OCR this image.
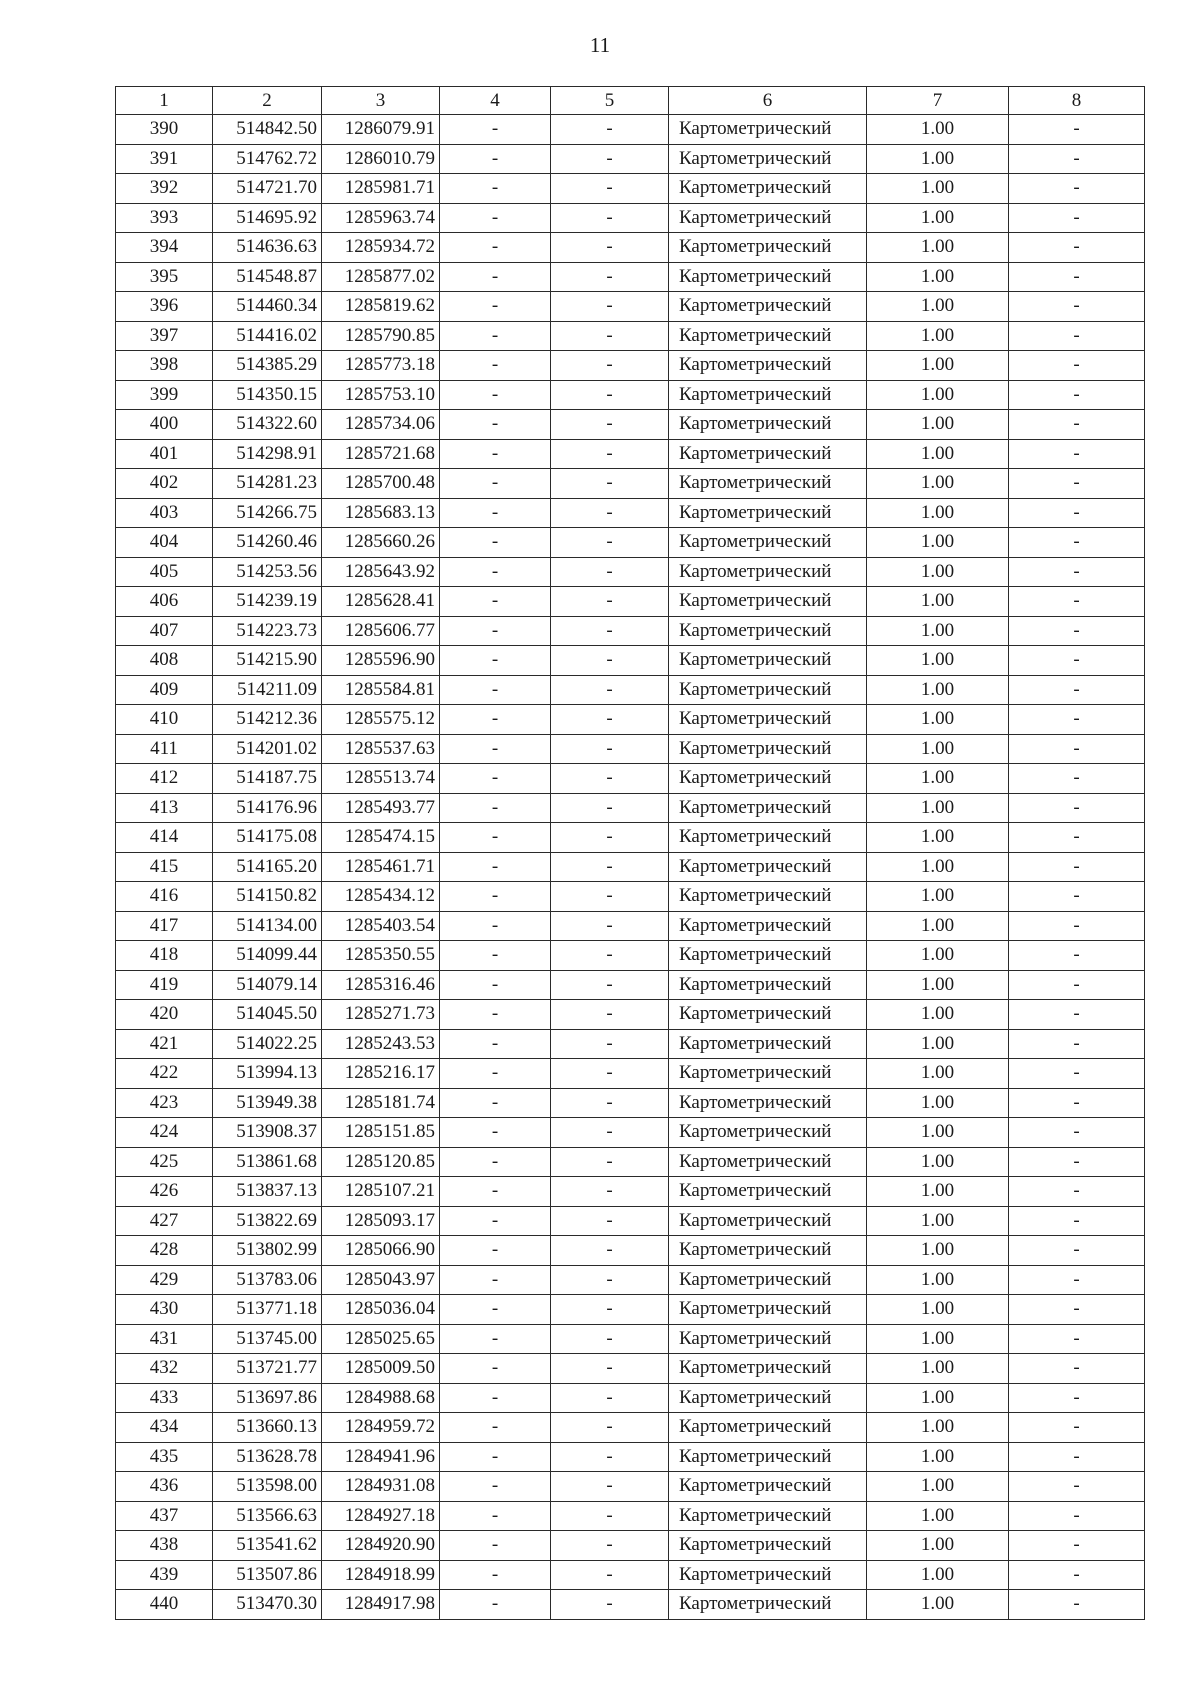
11
1	2	3	4	5	6	7	8
390	514842.50	1286079.91	-	-	Картометрический	1.00	-
391	514762.72	1286010.79	-	-	Картометрический	1.00	-
392	514721.70	1285981.71	-	-	Картометрический	1.00	-
393	514695.92	1285963.74	-	-	Картометрический	1.00	-
394	514636.63	1285934.72	-	-	Картометрический	1.00	-
395	514548.87	1285877.02	-	-	Картометрический	1.00	-
396	514460.34	1285819.62	-	-	Картометрический	1.00	-
397	514416.02	1285790.85	-	-	Картометрический	1.00	-
398	514385.29	1285773.18	-	-	Картометрический	1.00	-
399	514350.15	1285753.10	-	-	Картометрический	1.00	-
400	514322.60	1285734.06	-	-	Картометрический	1.00	-
401	514298.91	1285721.68	-	-	Картометрический	1.00	-
402	514281.23	1285700.48	-	-	Картометрический	1.00	-
403	514266.75	1285683.13	-	-	Картометрический	1.00	-
404	514260.46	1285660.26	-	-	Картометрический	1.00	-
405	514253.56	1285643.92	-	-	Картометрический	1.00	-
406	514239.19	1285628.41	-	-	Картометрический	1.00	-
407	514223.73	1285606.77	-	-	Картометрический	1.00	-
408	514215.90	1285596.90	-	-	Картометрический	1.00	-
409	514211.09	1285584.81	-	-	Картометрический	1.00	-
410	514212.36	1285575.12	-	-	Картометрический	1.00	-
411	514201.02	1285537.63	-	-	Картометрический	1.00	-
412	514187.75	1285513.74	-	-	Картометрический	1.00	-
413	514176.96	1285493.77	-	-	Картометрический	1.00	-
414	514175.08	1285474.15	-	-	Картометрический	1.00	-
415	514165.20	1285461.71	-	-	Картометрический	1.00	-
416	514150.82	1285434.12	-	-	Картометрический	1.00	-
417	514134.00	1285403.54	-	-	Картометрический	1.00	-
418	514099.44	1285350.55	-	-	Картометрический	1.00	-
419	514079.14	1285316.46	-	-	Картометрический	1.00	-
420	514045.50	1285271.73	-	-	Картометрический	1.00	-
421	514022.25	1285243.53	-	-	Картометрический	1.00	-
422	513994.13	1285216.17	-	-	Картометрический	1.00	-
423	513949.38	1285181.74	-	-	Картометрический	1.00	-
424	513908.37	1285151.85	-	-	Картометрический	1.00	-
425	513861.68	1285120.85	-	-	Картометрический	1.00	-
426	513837.13	1285107.21	-	-	Картометрический	1.00	-
427	513822.69	1285093.17	-	-	Картометрический	1.00	-
428	513802.99	1285066.90	-	-	Картометрический	1.00	-
429	513783.06	1285043.97	-	-	Картометрический	1.00	-
430	513771.18	1285036.04	-	-	Картометрический	1.00	-
431	513745.00	1285025.65	-	-	Картометрический	1.00	-
432	513721.77	1285009.50	-	-	Картометрический	1.00	-
433	513697.86	1284988.68	-	-	Картометрический	1.00	-
434	513660.13	1284959.72	-	-	Картометрический	1.00	-
435	513628.78	1284941.96	-	-	Картометрический	1.00	-
436	513598.00	1284931.08	-	-	Картометрический	1.00	-
437	513566.63	1284927.18	-	-	Картометрический	1.00	-
438	513541.62	1284920.90	-	-	Картометрический	1.00	-
439	513507.86	1284918.99	-	-	Картометрический	1.00	-
440	513470.30	1284917.98	-	-	Картометрический	1.00	-
